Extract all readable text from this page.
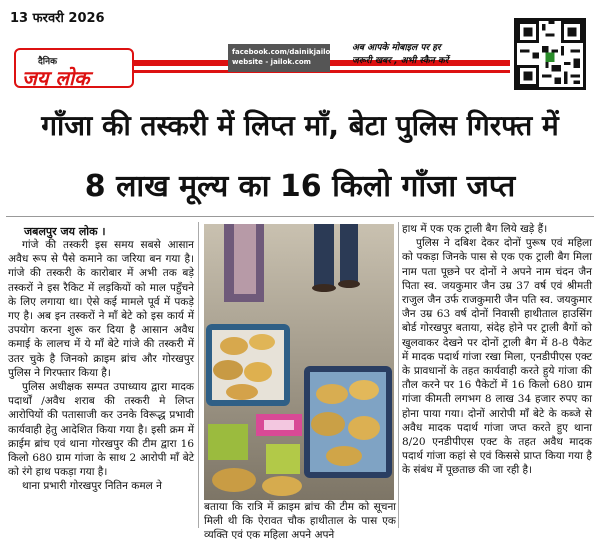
13 फरवरी 2026
दैनिक
जय लोक
facebook.com/dainikjailok
website - jailok.com
अब आपके मोबाइल पर हर
जरूरी खबर , अभी स्कैन करें
गाँजा की तस्करी में लिप्त माँ, बेटा पुलिस गिरफ्त में
8 लाख मूल्य का 16 किलो गाँजा जप्त
जबलपुर जय लोक ।

गांजे की तस्करी इस समय सबसे आसान अवैध रूप से पैसे कमाने का जरिया बन गया है। गांजे की तस्करी के कारोबार में अभी तक बड़े तस्करों ने इस रैकिट में लड़कियों को माल पहुँचने के लिए लगाया था। ऐसे कई मामले पूर्व में पकड़े गए है। अब इन तस्करों ने माँ बेटे को इस कार्य में उपयोग करना शुरू कर दिया है आसान अवैध कमाई के लालच में ये माँ बेटे गांजे की तस्करी में उतर चुके है जिनको क्राइम ब्रांच और गोरखपुर पुलिस ने गिरफ्तार किया है।

पुलिस अधीक्षक सम्पत उपाध्याय द्वारा मादक पदार्थों /अवैध शराब की तस्करी मे लिप्त आरोपियों की पतासाजी कर उनके विरूद्ध प्रभावी कार्यवाही हेतु आदेशित किया गया है। इसी क्रम में क्राईम ब्रांच एवं थाना गोरखपुर की टीम द्वारा 16 किलो 680 ग्राम गांजा के साथ 2 आरोपी माँ बेटे को रंगे हाथ पकड़ा गया है।

थाना प्रभारी गोरखपुर नितिन कमल ने

बताया कि रात्रि में क्राइम ब्रांच की टीम को सूचना मिली थी कि ऐरावत चौक हाथीताल के पास एक व्यक्ति एवं एक महिला अपने अपने

हाथ में एक एक ट्राली बैग लिये खड़े हैं।

पुलिस ने दबिश देकर दोनों पुरूष एवं महिला को पकड़ा जिनके पास से एक एक ट्राली बैग मिला नाम पता पूछने पर दोनों ने अपने नाम चंदन जैन पिता स्व. जयकुमार जैन उम्र 37 वर्ष एवं श्रीमती राजुल जैन उर्फ राजकुमारी जैन पति स्व. जयकुमार जैन उम्र 63 वर्ष दोनों निवासी हाथीताल हाउसिंग बोर्ड गोरखपुर बताया, संदेह होने पर ट्राली बैगों को खुलवाकर देखने पर दोनों ट्राली बैग में 8-8 पैकेट में मादक पदार्थ गांजा रखा मिला, एनडीपीएस एक्ट के प्रावधानों के तहत कार्यवाही करते हुये गांजा की तौल करने पर 16 पैकेटों में 16 किलो 680 ग्राम गांजा कीमती लगभग 8 लाख 34 हजार रुपए का होना पाया गया। दोनों आरोपी माँ बेटे के कब्जे से अवैध मादक पदार्थ गांजा जप्त करते हुए थाना 8/20 एनडीपीएस एक्ट के तहत अवैध मादक पदार्थ गांजा कहां से एवं किससे प्राप्त किया गया है के संबंध में पूछताछ की जा रही है।
